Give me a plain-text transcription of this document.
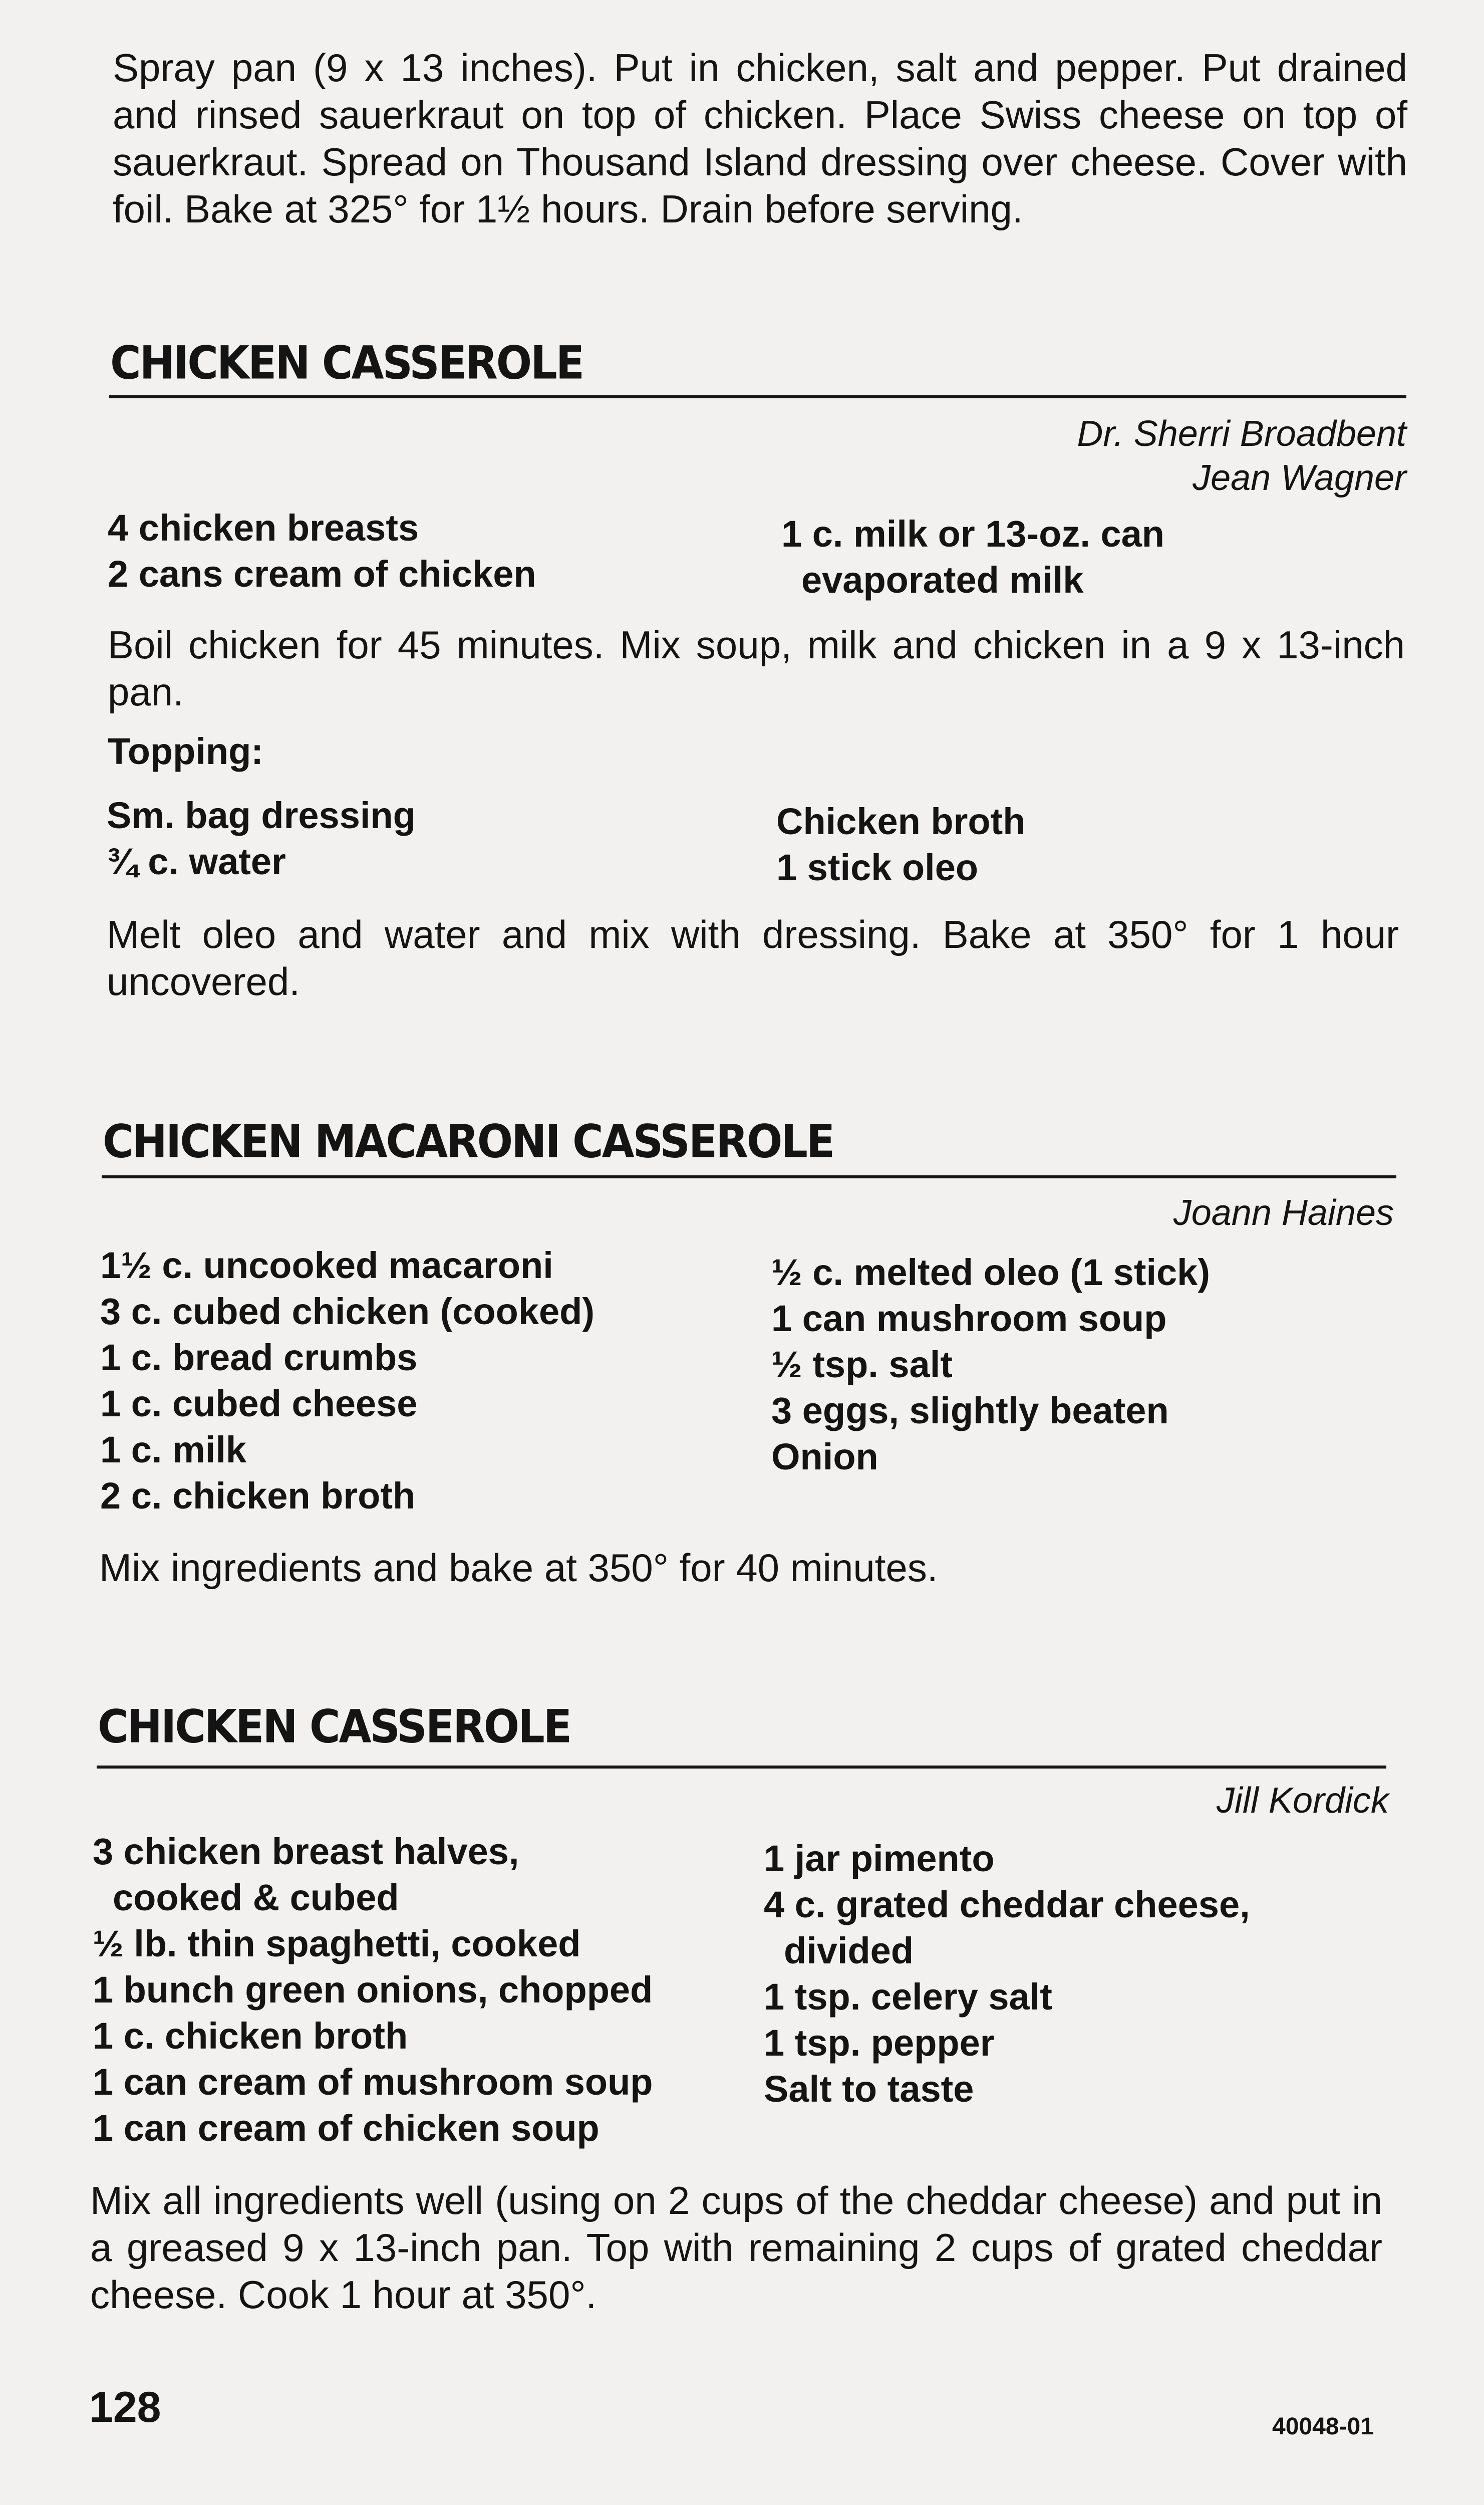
Spray pan (9 x 13 inches). Put in chicken, salt and pepper. Put drained and rinsed sauerkraut on top of chicken. Place Swiss cheese on top of sauerkraut. Spread on Thousand Island dressing over cheese. Cover with foil. Bake at 325° for 1½ hours. Drain before serving.

CHICKEN CASSEROLE

Dr. Sherri Broadbent

Jean Wagner

4 chicken breasts
2 cans cream of chicken
1 c. milk or 13-oz. can
evaporated milk

Boil chicken for 45 minutes. Mix soup, milk and chicken in a 9 x 13-inch pan.

Topping:

Sm. bag dressing
¾ c. water
Chicken broth
1 stick oleo

Melt oleo and water and mix with dressing. Bake at 350° for 1 hour uncovered.

CHICKEN MACARONI CASSEROLE

Joann Haines

1½ c. uncooked macaroni
3 c. cubed chicken (cooked)
1 c. bread crumbs
1 c. cubed cheese
1 c. milk
2 c. chicken broth
½ c. melted oleo (1 stick)
1 can mushroom soup
½ tsp. salt
3 eggs, slightly beaten
Onion

Mix ingredients and bake at 350° for 40 minutes.

CHICKEN CASSEROLE

Jill Kordick

3 chicken breast halves,
cooked & cubed
½ lb. thin spaghetti, cooked
1 bunch green onions, chopped
1 c. chicken broth
1 can cream of mushroom soup
1 can cream of chicken soup
1 jar pimento
4 c. grated cheddar cheese,
divided
1 tsp. celery salt
1 tsp. pepper
Salt to taste

Mix all ingredients well (using on 2 cups of the cheddar cheese) and put in a greased 9 x 13-inch pan. Top with remaining 2 cups of grated cheddar cheese. Cook 1 hour at 350°.

128	40048-01
